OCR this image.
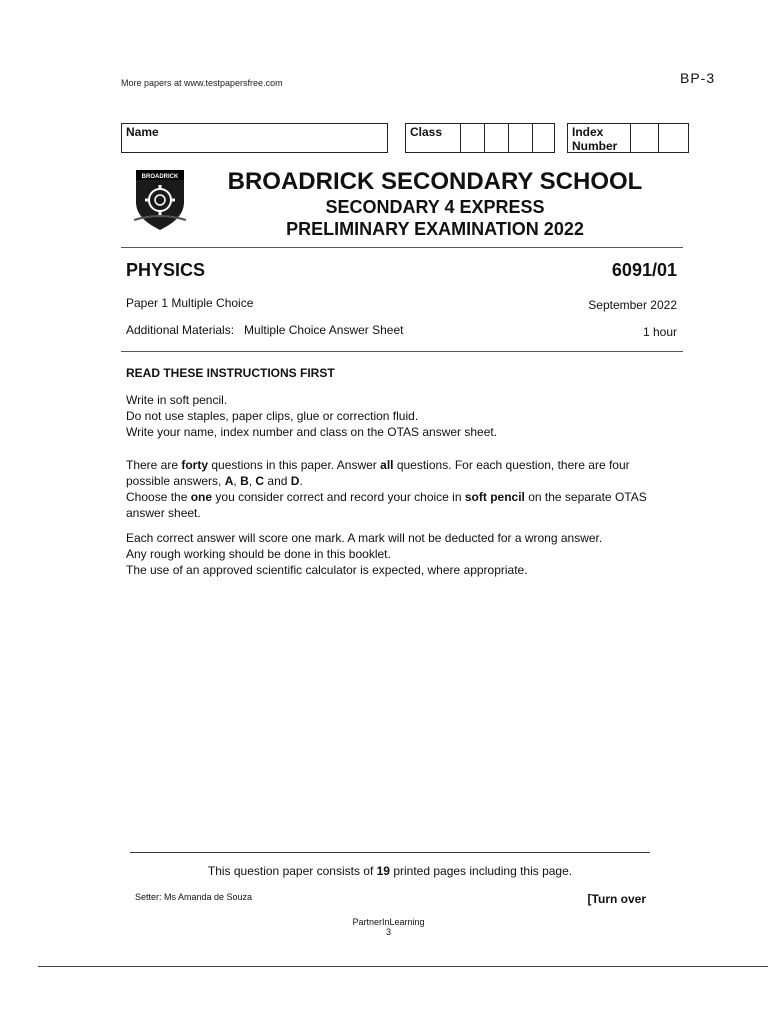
More papers at www.testpapersfree.com	BP-3
Name	Class	Index
Number
BROADRICK	BROADRICK SECONDARY SCHOOL
SECONDARY 4 EXPRESS
PRELIMINARY EXAMINATION 2022
PHYSICS	6091/01
Paper 1 Multiple Choice	September 2022
Additional Materials:   Multiple Choice Answer Sheet	1 hour
READ THESE INSTRUCTIONS FIRST

Write in soft pencil.

Do not use staples, paper clips, glue or correction fluid.

Write your name, index number and class on the OTAS answer sheet.

There are forty questions in this paper. Answer all questions. For each question, there are four possible answers, A, B, C and D.

Choose the one you consider correct and record your choice in soft pencil on the separate OTAS answer sheet.

Each correct answer will score one mark. A mark will not be deducted for a wrong answer.

Any rough working should be done in this booklet.

The use of an approved scientific calculator is expected, where appropriate.

This question paper consists of 19 printed pages including this page.
Setter: Ms Amanda de Souza	[Turn over
PartnerInLearning
3
